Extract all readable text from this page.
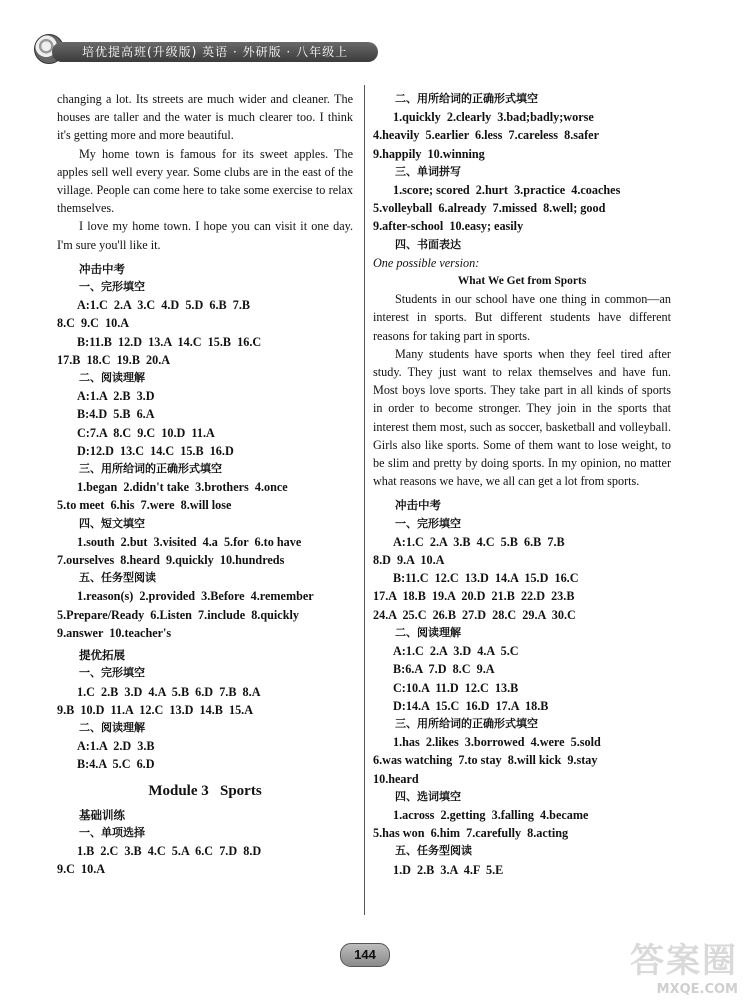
培优提高班(升级版) 英语 · 外研版 · 八年级上

changing a lot. Its streets are much wider and cleaner. The houses are taller and the water is much clearer too. I think it's getting more and more beautiful.

My home town is famous for its sweet apples. The apples sell well every year. Some clubs are in the east of the village. People can come here to take some exercise to relax themselves.

I love my home town. I hope you can visit it one day. I'm sure you'll like it.

冲击中考

一、完形填空

A:1.C  2.A  3.C  4.D  5.D  6.B  7.B

8.C  9.C  10.A

B:11.B  12.D  13.A  14.C  15.B  16.C

17.B  18.C  19.B  20.A

二、阅读理解

A:1.A  2.B  3.D

B:4.D  5.B  6.A

C:7.A  8.C  9.C  10.D  11.A

D:12.D  13.C  14.C  15.B  16.D

三、用所给词的正确形式填空

1.began  2.didn't take  3.brothers  4.once

5.to meet  6.his  7.were  8.will lose

四、短文填空

1.south  2.but  3.visited  4.a  5.for  6.to have

7.ourselves  8.heard  9.quickly  10.hundreds

五、任务型阅读

1.reason(s)  2.provided  3.Before  4.remember

5.Prepare/Ready  6.Listen  7.include  8.quickly

9.answer  10.teacher's

提优拓展

一、完形填空

1.C  2.B  3.D  4.A  5.B  6.D  7.B  8.A

9.B  10.D  11.A  12.C  13.D  14.B  15.A

二、阅读理解

A:1.A  2.D  3.B

B:4.A  5.C  6.D

Module 3   Sports

基础训练

一、单项选择

1.B  2.C  3.B  4.C  5.A  6.C  7.D  8.D

9.C  10.A

二、用所给词的正确形式填空

1.quickly  2.clearly  3.bad;badly;worse

4.heavily  5.earlier  6.less  7.careless  8.safer

9.happily  10.winning

三、单词拼写

1.score; scored  2.hurt  3.practice  4.coaches

5.volleyball  6.already  7.missed  8.well; good

9.after-school  10.easy; easily

四、书面表达

One possible version:

What We Get from Sports

Students in our school have one thing in common—an interest in sports. But different students have different reasons for taking part in sports.

Many students have sports when they feel tired after study. They just want to relax themselves and have fun. Most boys love sports. They take part in all kinds of sports in order to become stronger. They join in the sports that interest them most, such as soccer, basketball and volleyball. Girls also like sports. Some of them want to lose weight, to be slim and pretty by doing sports. In my opinion, no matter what reasons we have, we all can get a lot from sports.

冲击中考

一、完形填空

A:1.C  2.A  3.B  4.C  5.B  6.B  7.B

8.D  9.A  10.A

B:11.C  12.C  13.D  14.A  15.D  16.C

17.A  18.B  19.A  20.D  21.B  22.D  23.B

24.A  25.C  26.B  27.D  28.C  29.A  30.C

二、阅读理解

A:1.C  2.A  3.D  4.A  5.C

B:6.A  7.D  8.C  9.A

C:10.A  11.D  12.C  13.B

D:14.A  15.C  16.D  17.A  18.B

三、用所给词的正确形式填空

1.has  2.likes  3.borrowed  4.were  5.sold

6.was watching  7.to stay  8.will kick  9.stay

10.heard

四、选词填空

1.across  2.getting  3.falling  4.became

5.has won  6.him  7.carefully  8.acting

五、任务型阅读

1.D  2.B  3.A  4.F  5.E

144	答案圈
MXQE.COM
